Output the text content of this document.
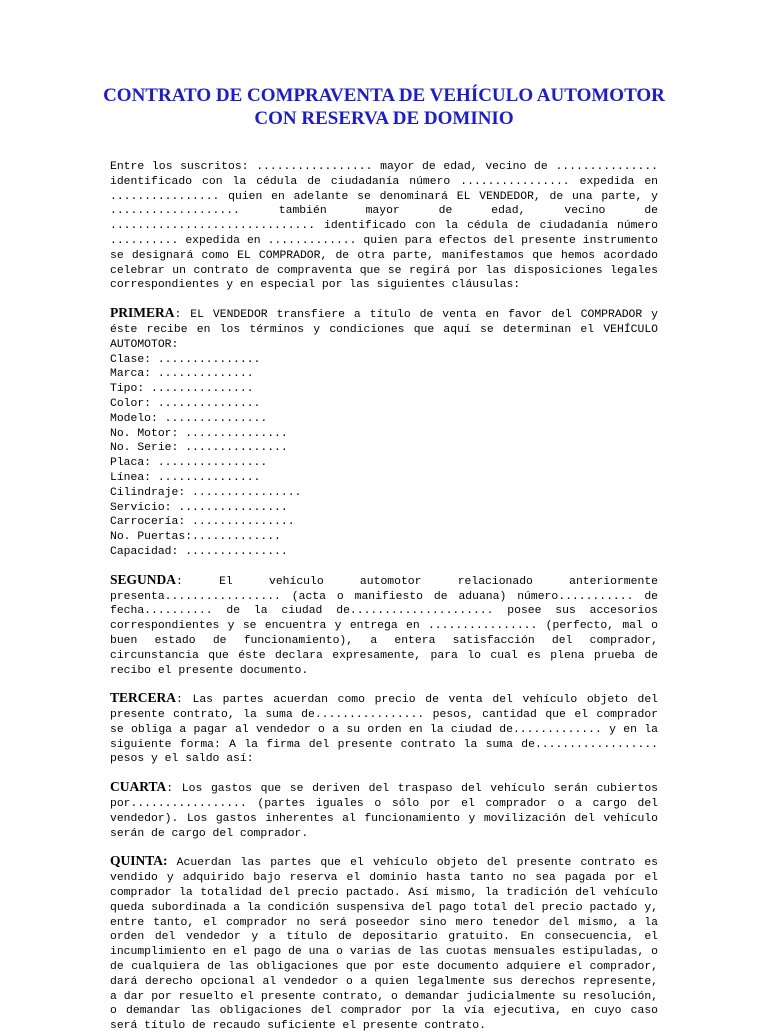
CONTRATO DE COMPRAVENTA DE VEHÍCULO AUTOMOTOR
CON RESERVA DE DOMINIO
Entre los suscritos: ................. mayor de edad, vecino de ............... identificado con la cédula de ciudadanía número ................ expedida en ................ quien en adelante se denominará EL VENDEDOR, de una parte, y ................... también mayor de edad, vecino de .............................. identificado con la cédula de ciudadanía número .......... expedida en ............. quien para efectos del presente instrumento se designará como EL COMPRADOR, de otra parte, manifestamos que hemos acordado celebrar un contrato de compraventa que se regirá por las disposiciones legales correspondientes y en especial por las siguientes cláusulas:
PRIMERA: EL VENDEDOR transfiere a título de venta en favor del COMPRADOR y éste recibe en los términos y condiciones que aquí se determinan el VEHÍCULO AUTOMOTOR:
Clase: ...............
Marca: ..............
Tipo: ...............
Color: ...............
Modelo: ...............
No. Motor: ...............
No. Serie: ...............
Placa: ................
Línea: ...............
Cilindraje: ................
Servicio: ................
Carrocería: ...............
No. Puertas:.............
Capacidad: ...............
SEGUNDA: El vehículo automotor relacionado anteriormente presenta................. (acta o manifiesto de aduana) número........... de fecha.......... de la ciudad de..................... posee sus accesorios correspondientes y se encuentra y entrega en ................ (perfecto, mal o buen estado de funcionamiento), a entera satisfacción del comprador, circunstancia que éste declara expresamente, para lo cual es plena prueba de recibo el presente documento.
TERCERA: Las partes acuerdan como precio de venta del vehículo objeto del presente contrato, la suma de................ pesos, cantidad que el comprador se obliga a pagar al vendedor o a su orden en la ciudad de............. y en la siguiente forma: A la firma del presente contrato la suma de.................. pesos y el saldo así:
CUARTA: Los gastos que se deriven del traspaso del vehículo serán cubiertos por................. (partes iguales o sólo por el comprador o a cargo del vendedor). Los gastos inherentes al funcionamiento y movilización del vehículo serán de cargo del comprador.
QUINTA: Acuerdan las partes que el vehículo objeto del presente contrato es vendido y adquirido bajo reserva el dominio hasta tanto no sea pagada por el comprador la totalidad del precio pactado. Así mismo, la tradición del vehículo queda subordinada a la condición suspensiva del pago total del precio pactado y, entre tanto, el comprador no será poseedor sino mero tenedor del mismo, a la orden del vendedor y a título de depositario gratuito. En consecuencia, el incumplimiento en el pago de una o varias de las cuotas mensuales estipuladas, o de cualquiera de las obligaciones que por este documento adquiere el comprador, dará derecho opcional al vendedor o a quien legalmente sus derechos represente, a dar por resuelto el presente contrato, o demandar judicialmente su resolución, o demandar las obligaciones del comprador por la vía ejecutiva, en cuyo caso será título de recaudo suficiente el presente contrato.
